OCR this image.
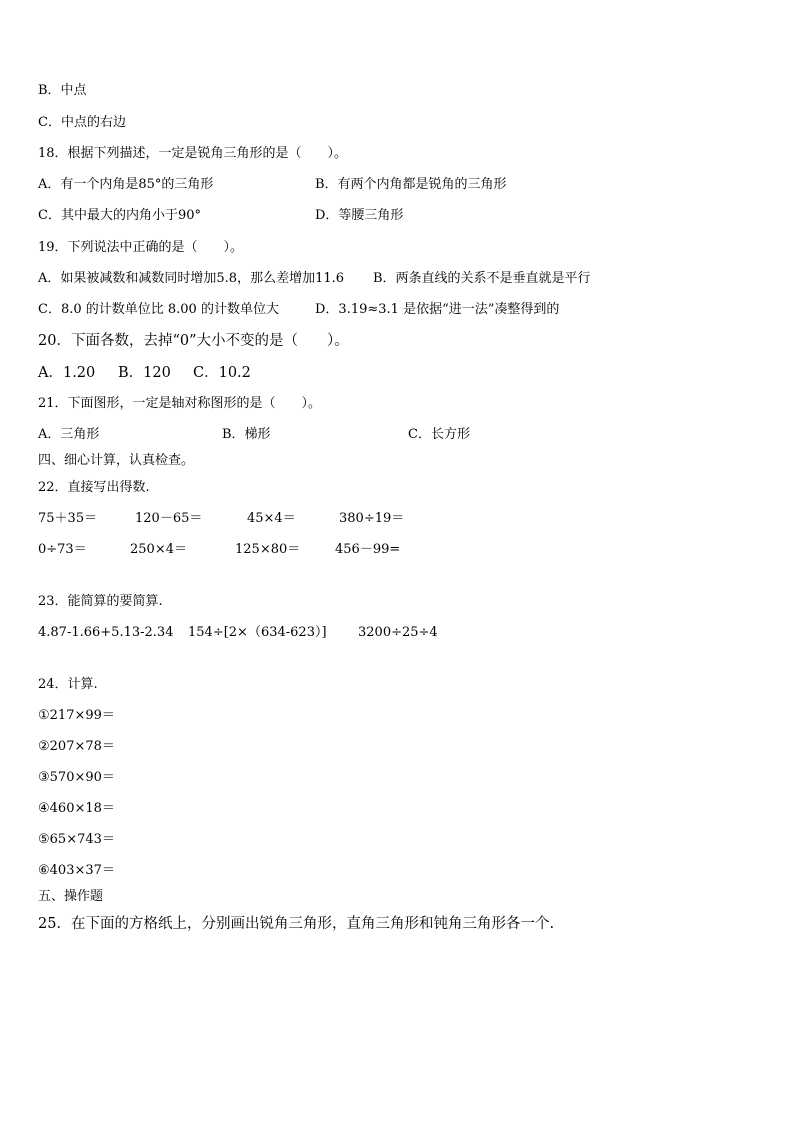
B．中点
C．中点的右边
18．根据下列描述，一定是锐角三角形的是（　　）。
A．有一个内角是85°的三角形	B．有两个内角都是锐角的三角形
C．其中最大的内角小于90°	D．等腰三角形
19．下列说法中正确的是（　　）。
A．如果被减数和减数同时增加5.8，那么差增加11.6 B．两条直线的关系不是垂直就是平行
C．8.0 的计数单位比 8.00 的计数单位大	D．3.19≈3.1 是依据“进一法”凑整得到的
20．下面各数，去掉“0”大小不变的是（　　）。
A．1.20 B．120 C．10.2
21．下面图形，一定是轴对称图形的是（　　）。
A．三角形	B．梯形	C．长方形
四、细心计算，认真检查。
22．直接写出得数.
75＋35＝	120－65＝	45×4＝	380÷19＝
0÷73＝	250×4＝	125×80＝	456－99=
23．能简算的要简算.
4.87-1.66+5.13-2.34 154÷[2×（634-623）] 3200÷25÷4
24．计算.
①217×99＝
②207×78＝
③570×90＝
④460×18＝
⑤65×743＝
⑥403×37＝
五、操作题
25．在下面的方格纸上，分别画出锐角三角形，直角三角形和钝角三角形各一个.
